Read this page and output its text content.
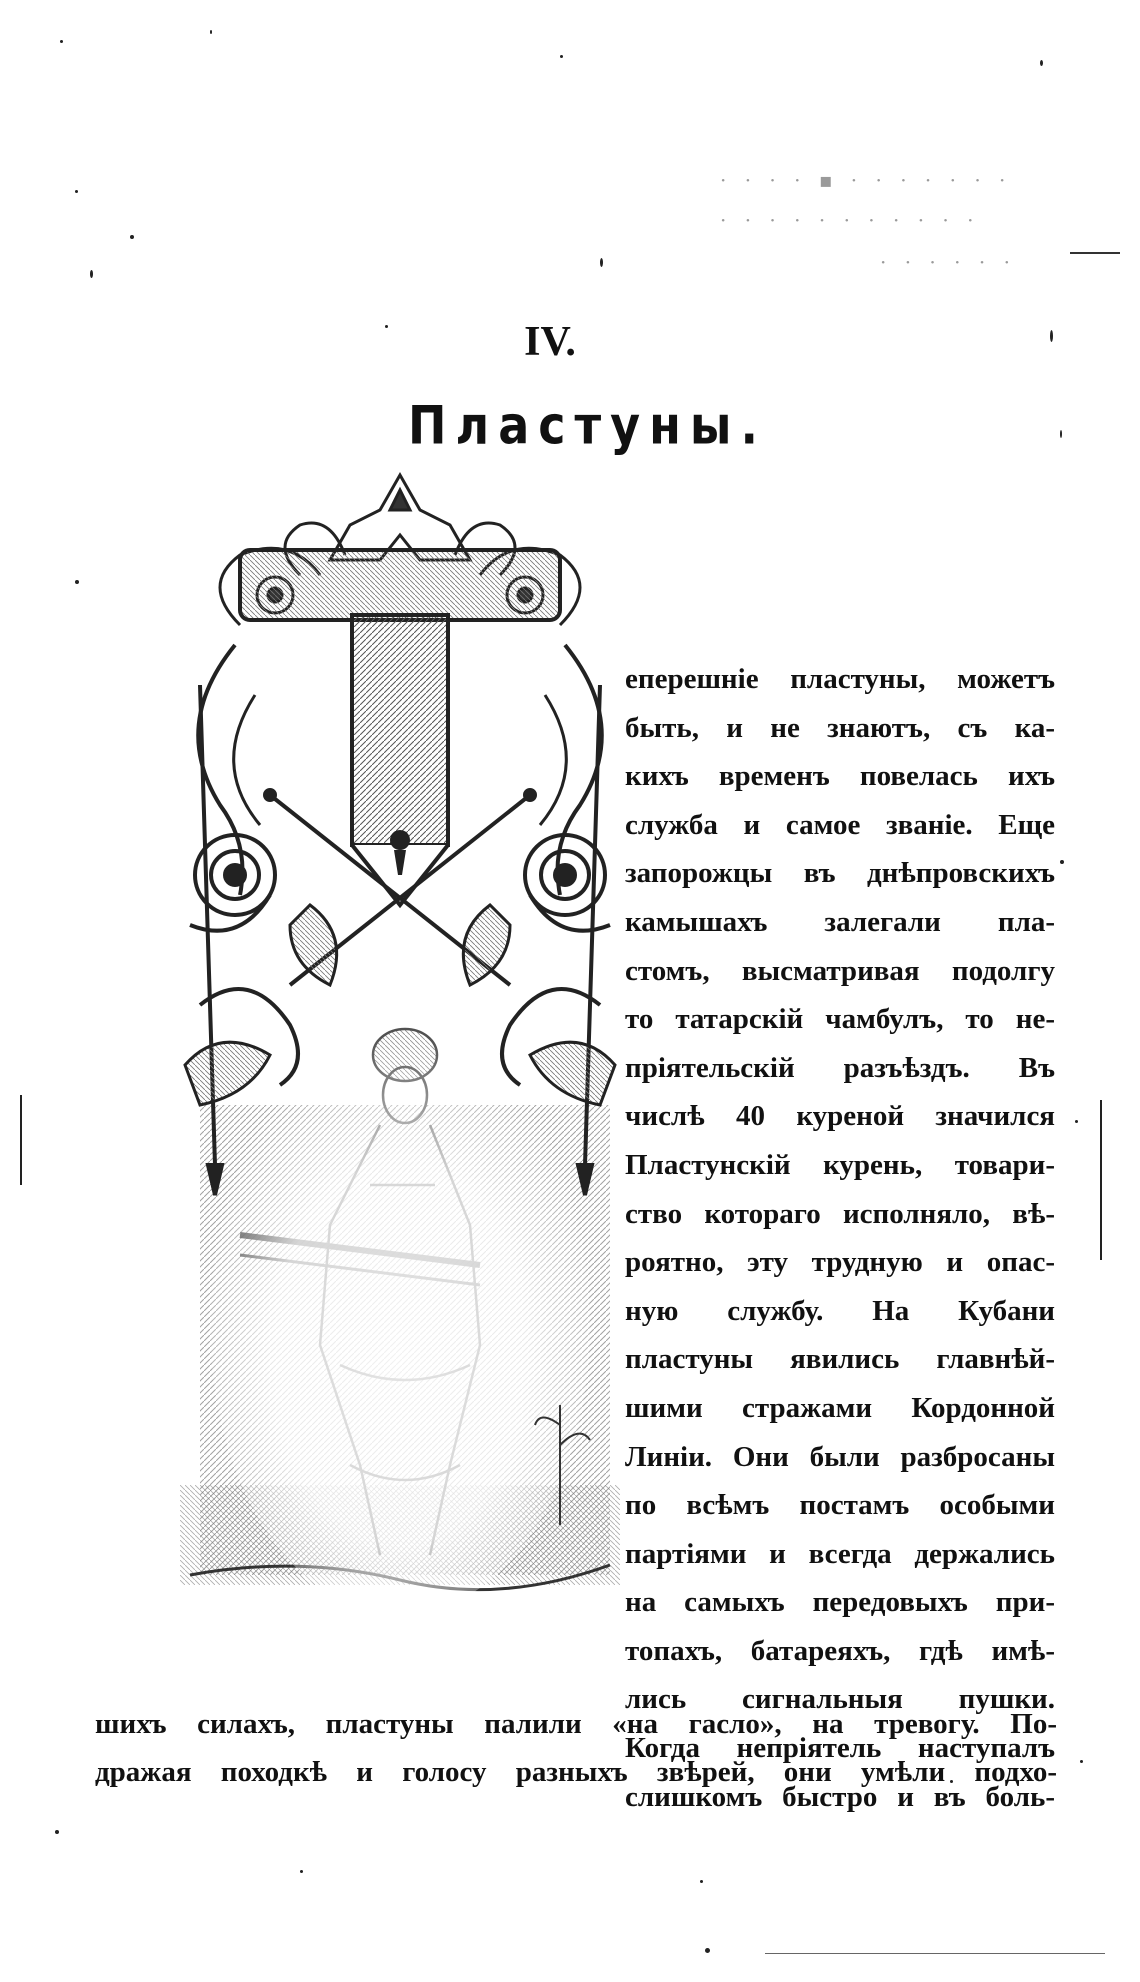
· · · · ▪ · · · · · · ·
· · · · · · · · · · ·
· · · · · ·
IV.
Пластуны.
еперешніе пластуны, можетъ
быть, и не знаютъ, съ ка-
кихъ временъ повелась ихъ
служба и самое званіе. Еще
запорожцы въ днѣпровскихъ
камышахъ залегали пла-
стомъ, высматривая подолгу
то татарскій чамбулъ, то не-
пріятельскій разъѣздъ. Въ
числѣ 40 куреной значился
Пластунскій курень, товари-
ство котораго исполняло, вѣ-
роятно, эту трудную и опас-
ную службу. На Кубани
пластуны явились главнѣй-
шими стражами Кордонной
Линіи. Они были разбросаны
по всѣмъ постамъ особыми
партіями и всегда держались
на самыхъ передовыхъ при-
топахъ, батареяхъ, гдѣ имѣ-
лись сигнальныя пушки.
Когда непріятель наступалъ
слишкомъ быстро и въ боль-
шихъ силахъ, пластуны палили «на гасло», на тревогу. По-
дражая походкѣ и голосу разныхъ звѣрей, они умѣли подхо-
